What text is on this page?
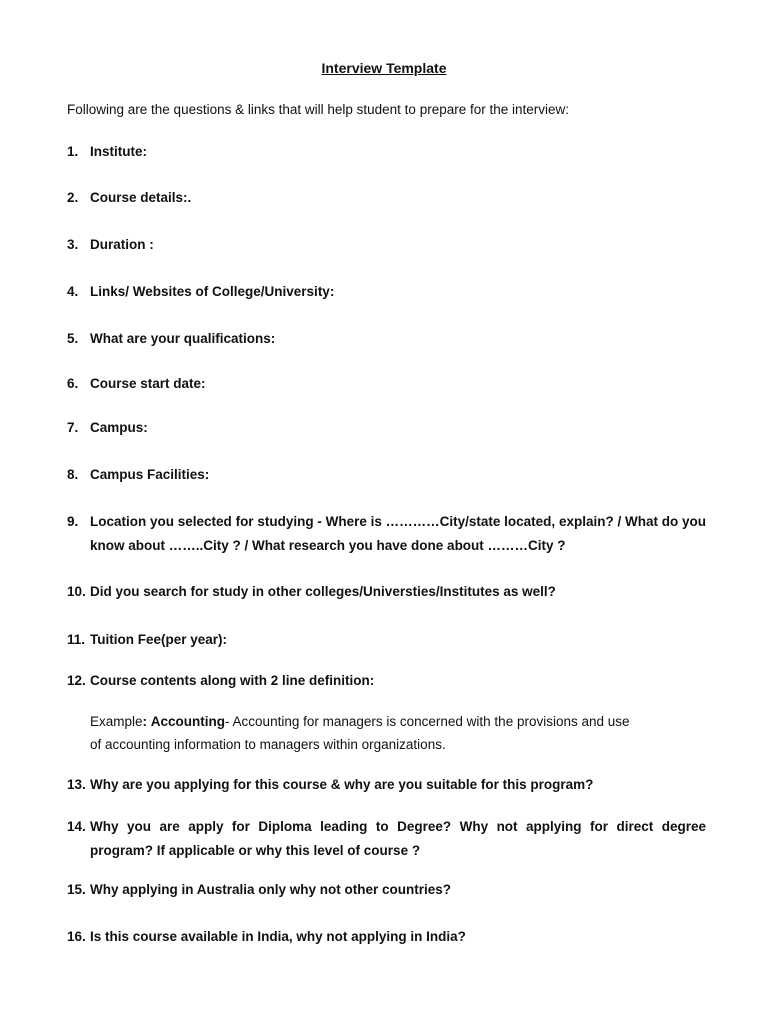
Interview Template
Following are the questions & links that will help student to prepare for the interview:
1. Institute:
2. Course details:.
3. Duration :
4. Links/ Websites of College/University:
5. What are your qualifications:
6. Course start date:
7. Campus:
8. Campus Facilities:
9. Location you selected for studying - Where is …………City/state located, explain? / What do you know about ……..City ? / What research you have done about ………City ?
10. Did you search for study in other colleges/Universties/Institutes as well?
11. Tuition Fee(per year):
12. Course contents along with 2 line definition:
Example: Accounting- Accounting for managers is concerned with the provisions and use
of accounting information to managers within organizations.
13. Why are you applying for this course & why are you suitable for this program?
14. Why you are apply for Diploma leading to Degree? Why not applying for direct degree program? If applicable or why this level of course ?
15. Why applying in Australia only why not other countries?
16. Is this course available in India, why not applying in India?
